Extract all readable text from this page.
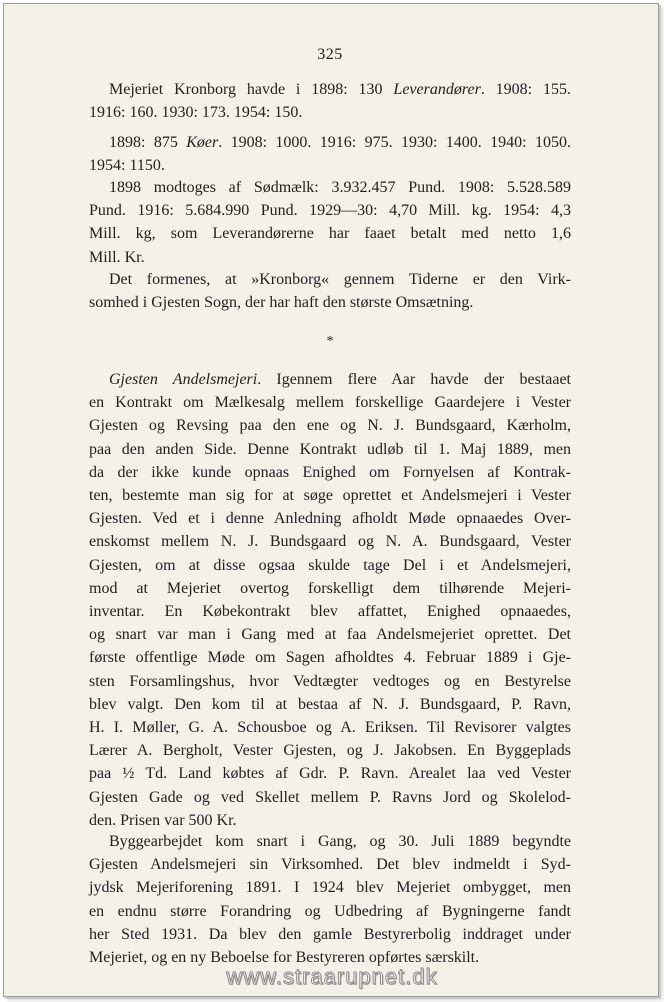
325
Mejeriet Kronborg havde i 1898: 130 Leverandører. 1908: 155.
1916: 160. 1930: 173. 1954: 150.
1898: 875 Køer. 1908: 1000. 1916: 975. 1930: 1400. 1940: 1050.
1954: 1150.
1898 modtoges af Sødmælk: 3.932.457 Pund. 1908: 5.528.589
Pund. 1916: 5.684.990 Pund. 1929—30: 4,70 Mill. kg. 1954: 4,3
Mill. kg, som Leverandørerne har faaet betalt med netto 1,6
Mill. Kr.
Det formenes, at »Kronborg« gennem Tiderne er den Virk-
somhed i Gjesten Sogn, der har haft den største Omsætning.
*
Gjesten Andelsmejeri. Igennem flere Aar havde der bestaaet
en Kontrakt om Mælkesalg mellem forskellige Gaardejere i Vester
Gjesten og Revsing paa den ene og N. J. Bundsgaard, Kærholm,
paa den anden Side. Denne Kontrakt udløb til 1. Maj 1889, men
da der ikke kunde opnaas Enighed om Fornyelsen af Kontrak-
ten, bestemte man sig for at søge oprettet et Andelsmejeri i Vester
Gjesten. Ved et i denne Anledning afholdt Møde opnaaedes Over-
enskomst mellem N. J. Bundsgaard og N. A. Bundsgaard, Vester
Gjesten, om at disse ogsaa skulde tage Del i et Andelsmejeri,
mod at Mejeriet overtog forskelligt dem tilhørende Mejeri-
inventar. En Købekontrakt blev affattet, Enighed opnaaedes,
og snart var man i Gang med at faa Andelsmejeriet oprettet. Det
første offentlige Møde om Sagen afholdtes 4. Februar 1889 i Gje-
sten Forsamlingshus, hvor Vedtægter vedtoges og en Bestyrelse
blev valgt. Den kom til at bestaa af N. J. Bundsgaard, P. Ravn,
H. I. Møller, G. A. Schousboe og A. Eriksen. Til Revisorer valgtes
Lærer A. Bergholt, Vester Gjesten, og J. Jakobsen. En Byggeplads
paa ½ Td. Land købtes af Gdr. P. Ravn. Arealet laa ved Vester
Gjesten Gade og ved Skellet mellem P. Ravns Jord og Skolelod-
den. Prisen var 500 Kr.
Byggearbejdet kom snart i Gang, og 30. Juli 1889 begyndte
Gjesten Andelsmejeri sin Virksomhed. Det blev indmeldt i Syd-
jydsk Mejeriforening 1891. I 1924 blev Mejeriet ombygget, men
en endnu større Forandring og Udbedring af Bygningerne fandt
her Sted 1931. Da blev den gamle Bestyrerbolig inddraget under
Mejeriet, og en ny Beboelse for Bestyreren opførtes særskilt.
www.straarupnet.dk
